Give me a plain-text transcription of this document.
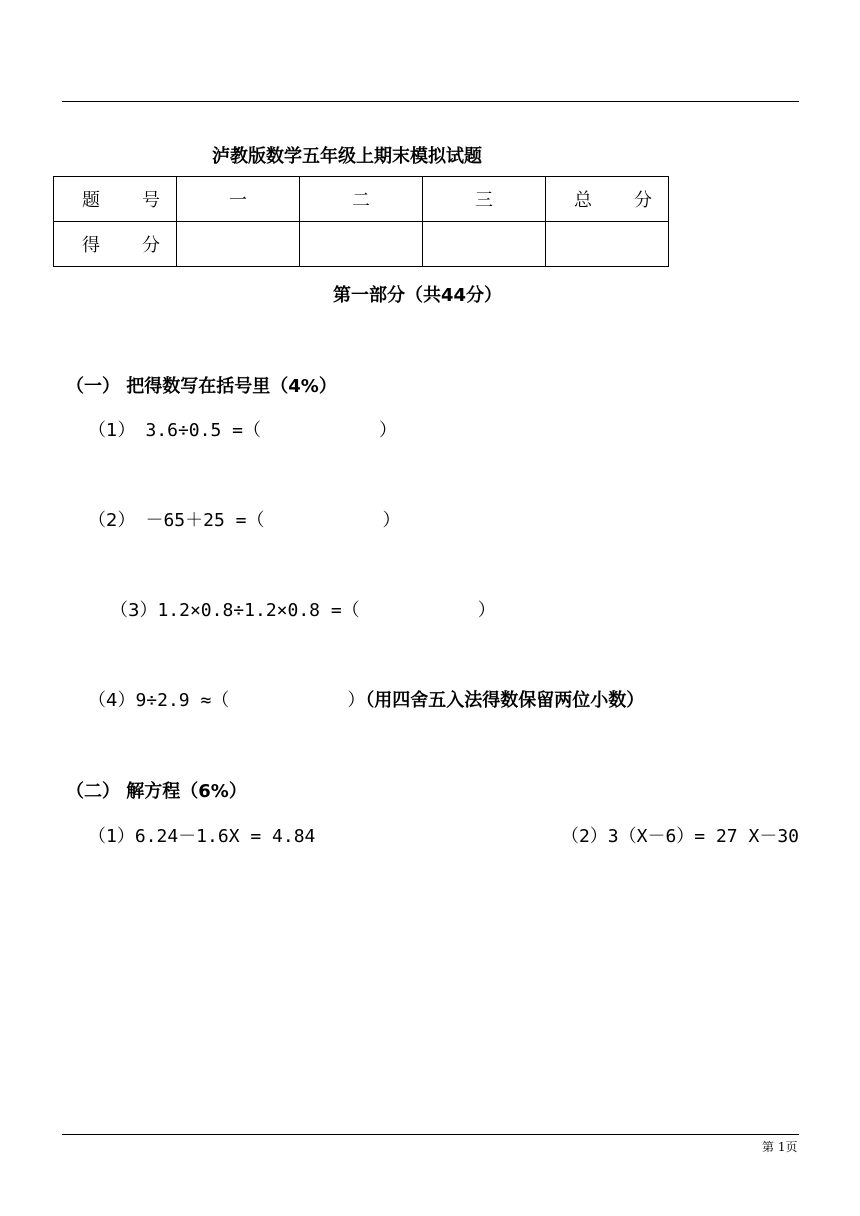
泸教版数学五年级上期末模拟试题
题 号	一	二	三	总 分

得 分				

第一部分（共44分）
（一） 把得数写在括号里（4%）
（1） 3.6÷0.5 =（	）
（2） －65＋25 =（	）
（3）1.2×0.8÷1.2×0.8 =（	）
（4）9÷2.9 ≈（	）（用四舍五入法得数保留两位小数）
（二） 解方程（6%）
（1）6.24－1.6X = 4.84	（2）3（X－6）= 27 X－30
第 1页
